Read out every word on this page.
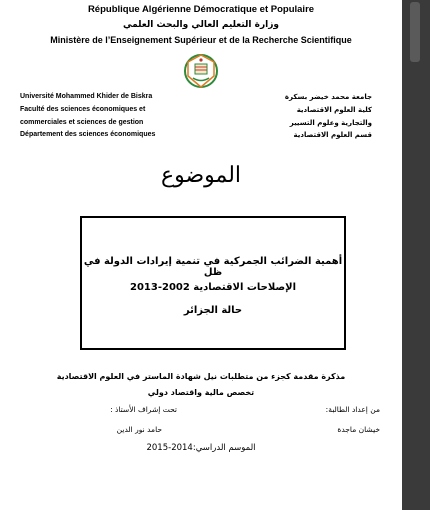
République Algérienne Démocratique et Populaire
وزارة التعليم العالي والبحث العلمي
Ministère de l’Enseignement Supérieur et de la Recherche Scientifique
Université Mohammed Khider de Biskra
Faculté des sciences économiques et
commerciales et sciences de gestion
Département des sciences économiques
جامعة محمد خيضر بسكرة
كلية العلوم الاقتصادية
والتجارية وعلوم التسيير
قسم العلوم الاقتصادية
الموضوع
أهمية الضرائب الجمركية في تنمية إيرادات الدولة في ظل
الإصلاحات الاقتصادية 2002-2013
حالة الجزائر
مذكرة مقدمة كجزء من متطلبات نيل شهادة الماستر في العلوم الاقتصادية
تخصص مالية واقتصاد دولي
من إعداد الطالبة:
تحت إشراف الأستاذ :
خيشان ماجدة
حامد نور الدين
الموسم الدراسي:2014-2015
